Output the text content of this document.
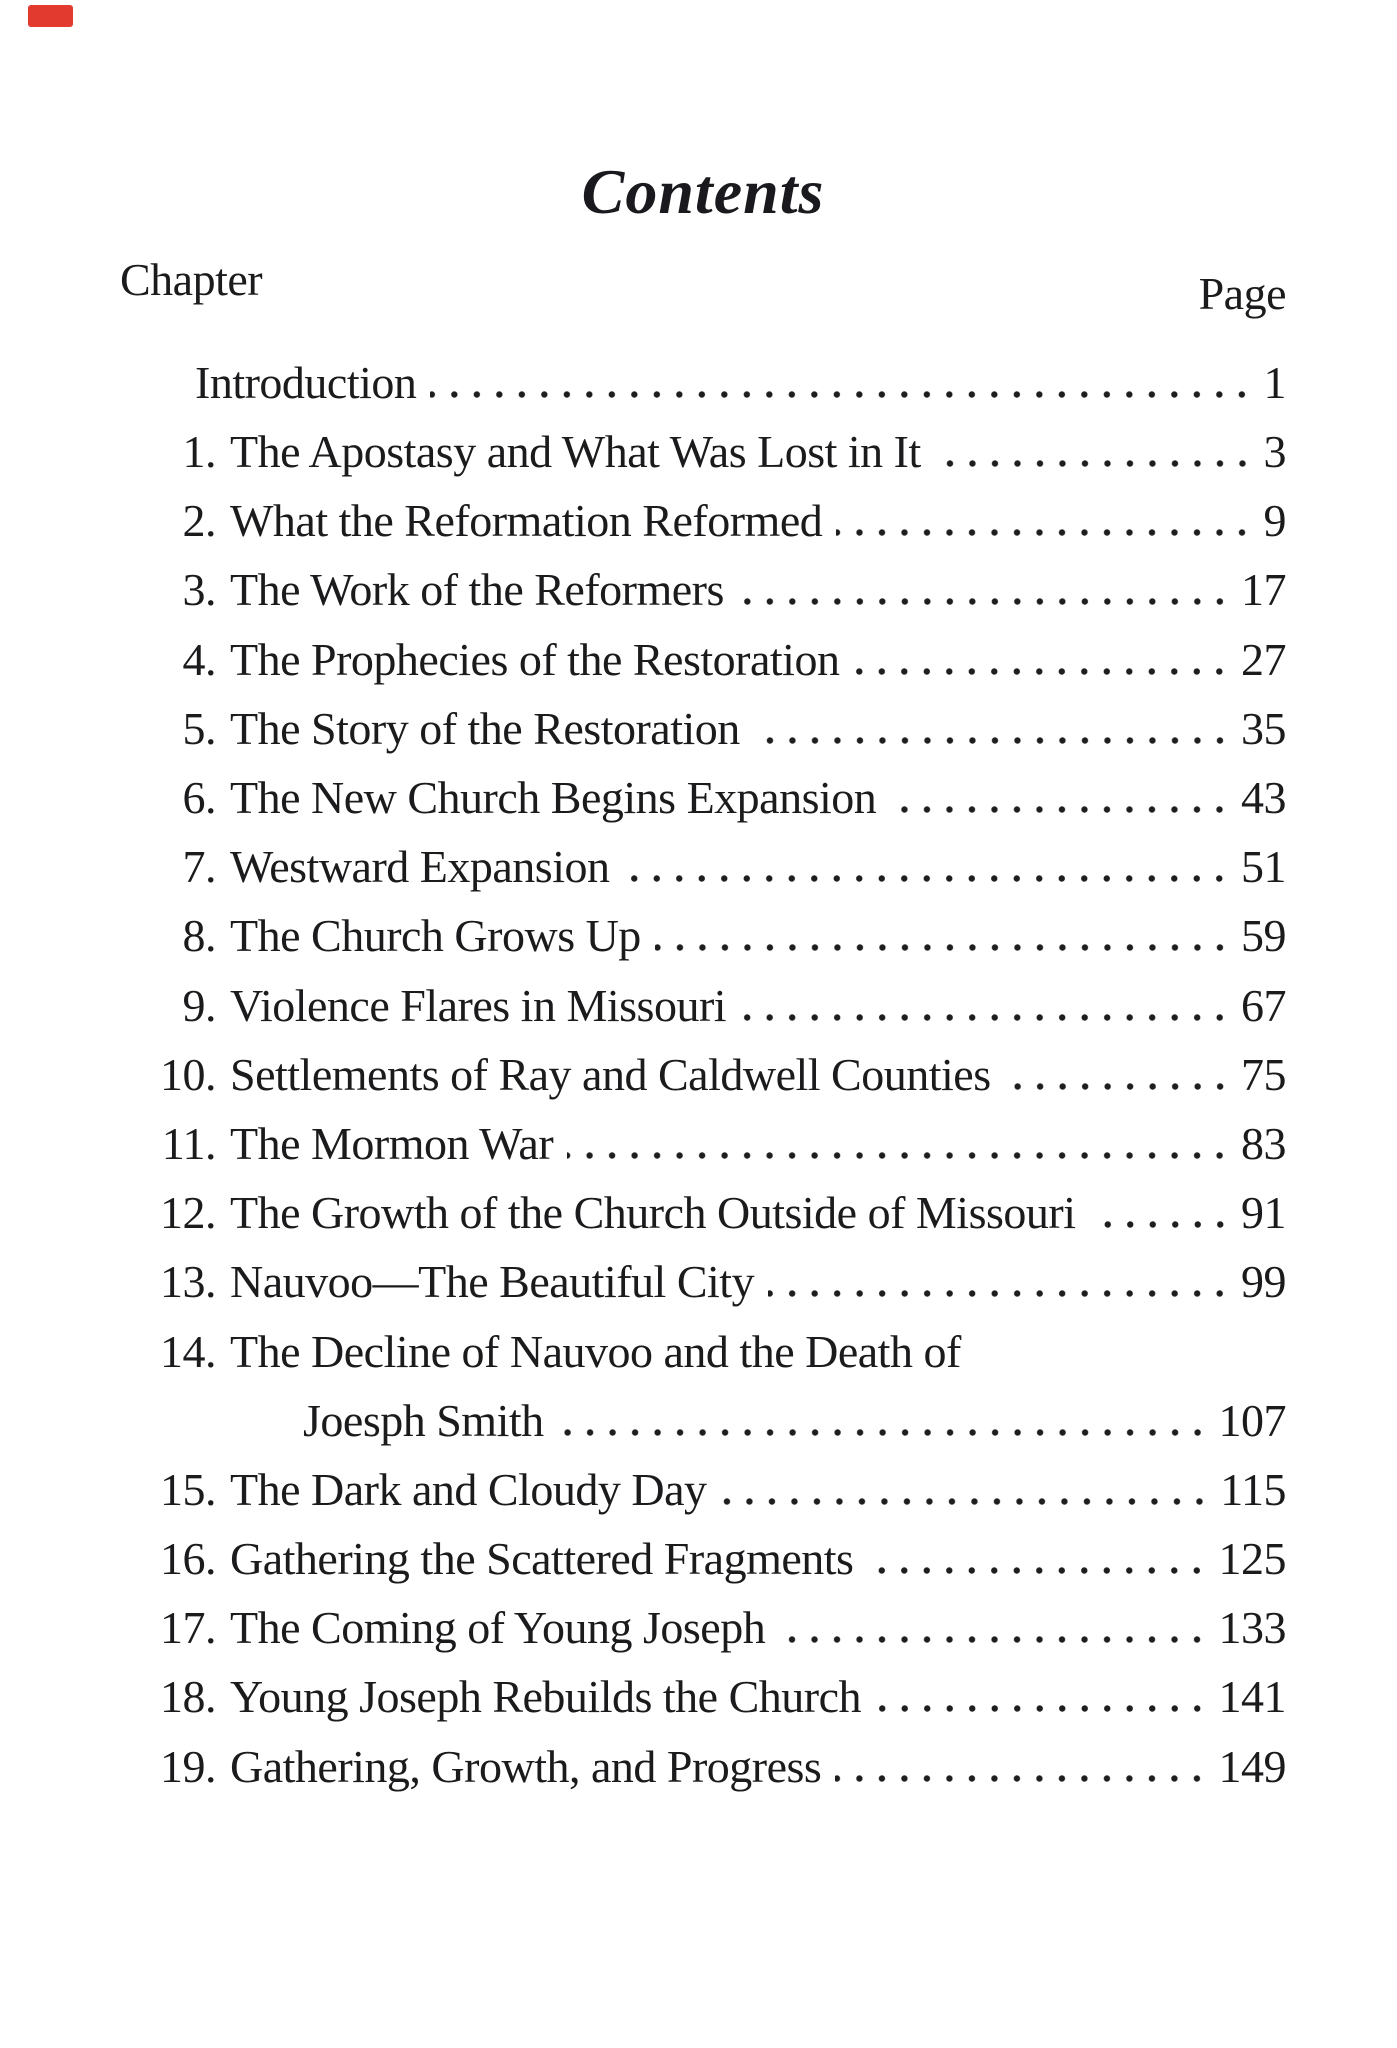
Contents
Chapter	Page
Introduction	1
1. The Apostasy and What Was Lost in It	3
2. What the Reformation Reformed	9
3. The Work of the Reformers	17
4. The Prophecies of the Restoration	27
5. The Story of the Restoration	35
6. The New Church Begins Expansion	43
7. Westward Expansion	51
8. The Church Grows Up	59
9. Violence Flares in Missouri	67
10. Settlements of Ray and Caldwell Counties	75
11. The Mormon War	83
12. The Growth of the Church Outside of Missouri	91
13. Nauvoo—The Beautiful City	99
14. The Decline of Nauvoo and the Death of
Joesph Smith	107
15. The Dark and Cloudy Day	115
16. Gathering the Scattered Fragments	125
17. The Coming of Young Joseph	133
18. Young Joseph Rebuilds the Church	141
19. Gathering, Growth, and Progress	149
